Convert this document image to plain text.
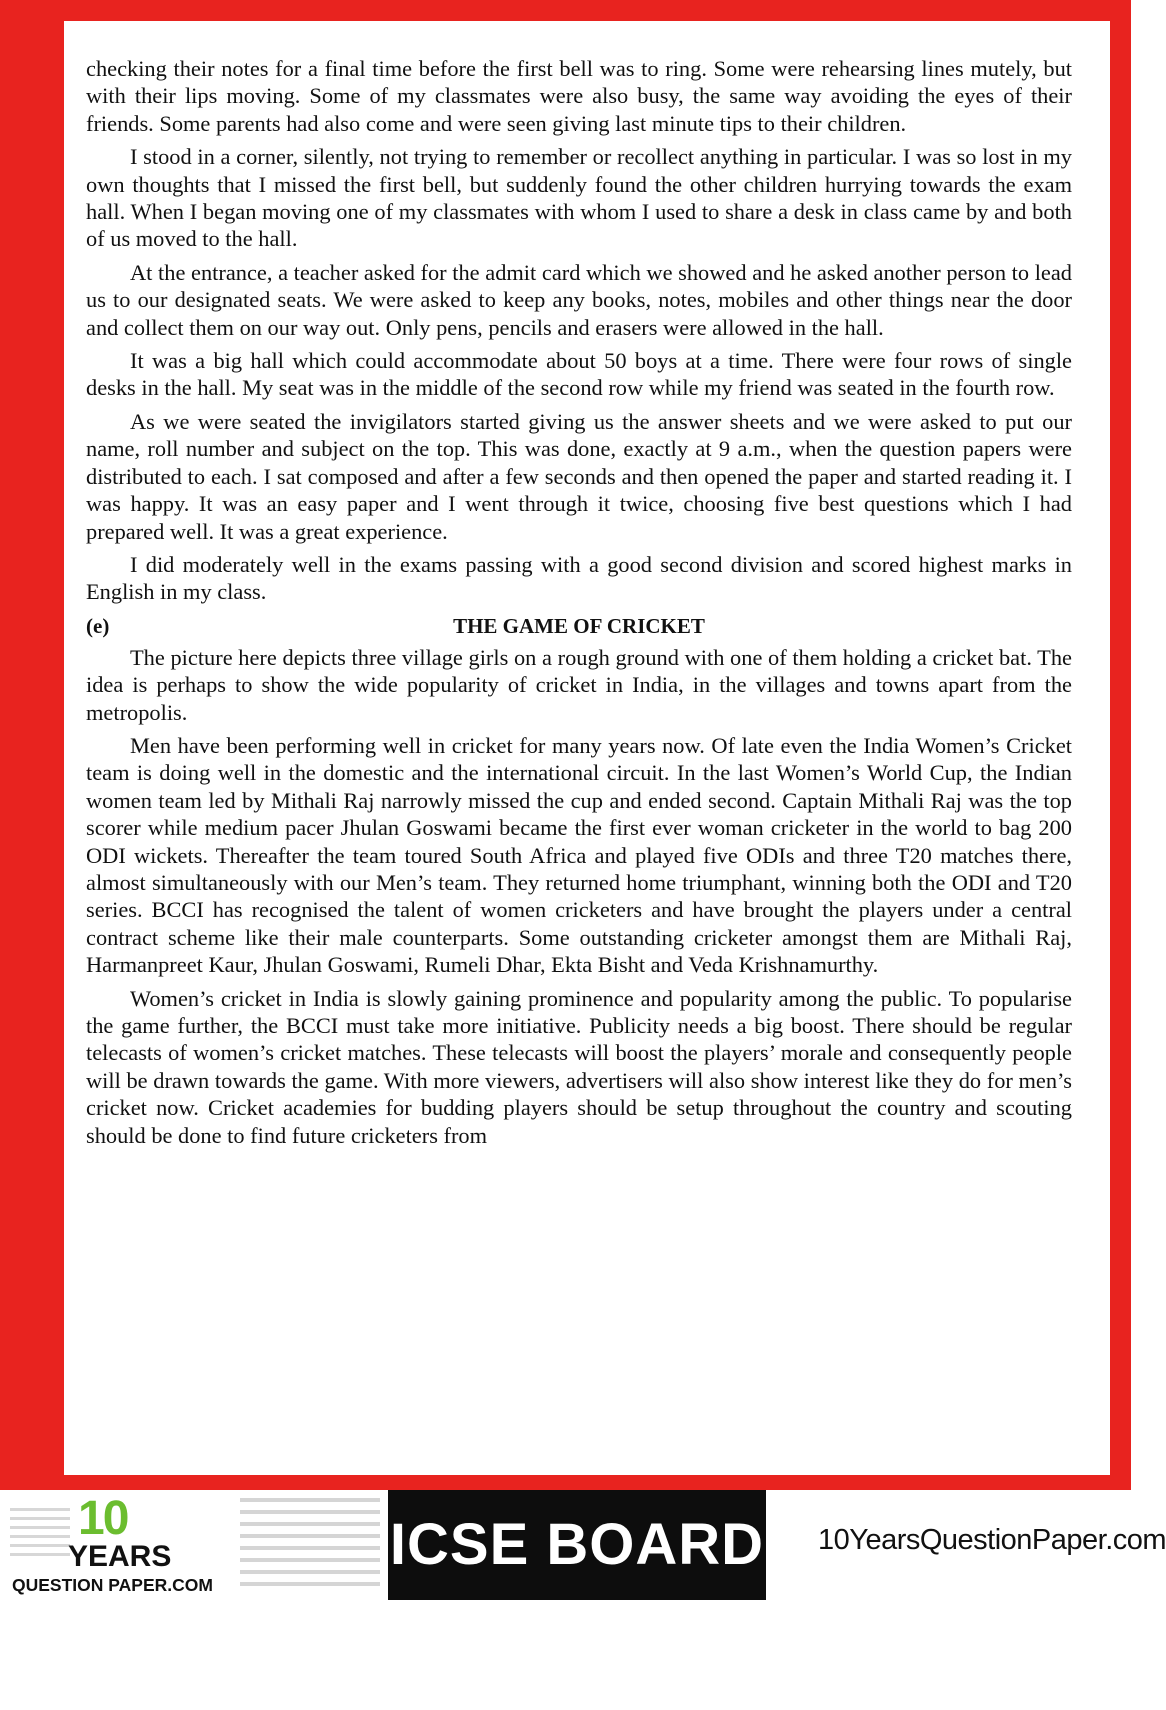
checking their notes for a final time before the first bell was to ring. Some were rehearsing lines mutely, but with their lips moving. Some of my classmates were also busy, the same way avoiding the eyes of their friends. Some parents had also come and were seen giving last minute tips to their children.

I stood in a corner, silently, not trying to remember or recollect anything in particular. I was so lost in my own thoughts that I missed the first bell, but suddenly found the other children hurrying towards the exam hall. When I began moving one of my classmates with whom I used to share a desk in class came by and both of us moved to the hall.

At the entrance, a teacher asked for the admit card which we showed and he asked another person to lead us to our designated seats. We were asked to keep any books, notes, mobiles and other things near the door and collect them on our way out. Only pens, pencils and erasers were allowed in the hall.

It was a big hall which could accommodate about 50 boys at a time. There were four rows of single desks in the hall. My seat was in the middle of the second row while my friend was seated in the fourth row.

As we were seated the invigilators started giving us the answer sheets and we were asked to put our name, roll number and subject on the top. This was done, exactly at 9 a.m., when the question papers were distributed to each. I sat composed and after a few seconds and then opened the paper and started reading it. I was happy. It was an easy paper and I went through it twice, choosing five best questions which I had prepared well. It was a great experience.

I did moderately well in the exams passing with a good second division and scored highest marks in English in my class.

(e)	THE GAME OF CRICKET

The picture here depicts three village girls on a rough ground with one of them holding a cricket bat. The idea is perhaps to show the wide popularity of cricket in India, in the villages and towns apart from the metropolis.

Men have been performing well in cricket for many years now. Of late even the India Women’s Cricket team is doing well in the domestic and the international circuit. In the last Women’s World Cup, the Indian women team led by Mithali Raj narrowly missed the cup and ended second. Captain Mithali Raj was the top scorer while medium pacer Jhulan Goswami became the first ever woman cricketer in the world to bag 200 ODI wickets. Thereafter the team toured South Africa and played five ODIs and three T20 matches there, almost simultaneously with our Men’s team. They returned home triumphant, winning both the ODI and T20 series. BCCI has recognised the talent of women cricketers and have brought the players under a central contract scheme like their male counterparts. Some outstanding cricketer amongst them are Mithali Raj, Harmanpreet Kaur, Jhulan Goswami, Rumeli Dhar, Ekta Bisht and Veda Krishnamurthy.

Women’s cricket in India is slowly gaining prominence and popularity among the public. To popularise the game further, the BCCI must take more initiative. Publicity needs a big boost. There should be regular telecasts of women’s cricket matches. These telecasts will boost the players’ morale and consequently people will be drawn towards the game. With more viewers, advertisers will also show interest like they do for men’s cricket now. Cricket academies for budding players should be setup throughout the country and scouting should be done to find future cricketers from

10
YEARS
QUESTION PAPER.COM
ICSE BOARD X
10YearsQuestionPaper.com
